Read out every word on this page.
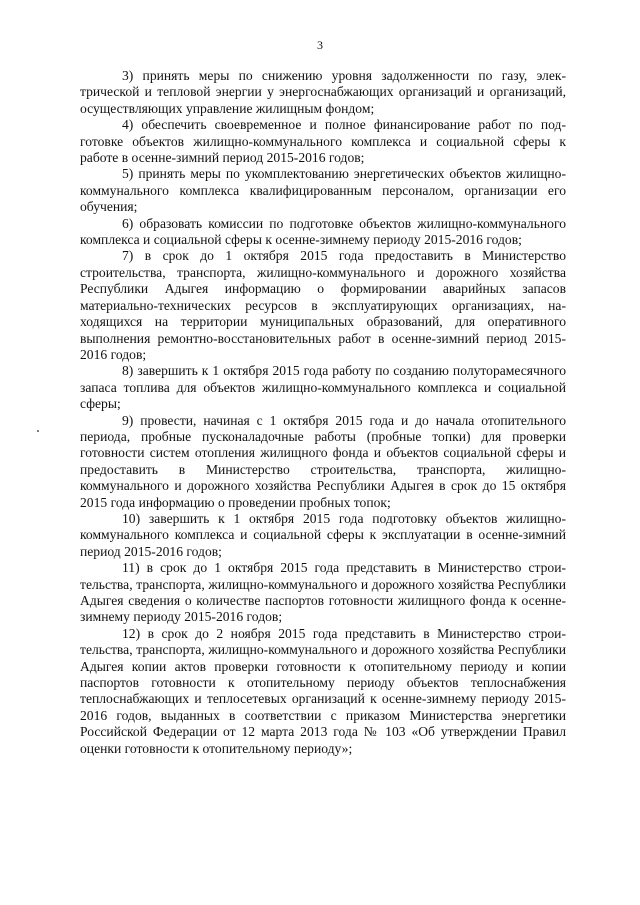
3

3) принять меры по снижению уровня задолженности по газу, электрической и тепловой энергии у энергоснабжающих организаций и организаций, осуществляющих управление жилищным фондом;

4) обеспечить своевременное и полное финансирование работ по подготовке объектов жилищно-коммунального комплекса и социальной сферы к работе в осенне-зимний период 2015-2016 годов;

5) принять меры по укомплектованию энергетических объектов жилищно-коммунального комплекса квалифицированным персоналом, организации его обучения;

6) образовать комиссии по подготовке объектов жилищно-коммунального комплекса и социальной сферы к осенне-зимнему периоду 2015-2016 годов;

7) в срок до 1 октября 2015 года предоставить в Министерство строительства, транспорта, жилищно-коммунального и дорожного хозяйства Республики Адыгея информацию о формировании аварийных запасов материально-технических ресурсов в эксплуатирующих организациях, находящихся на территории муниципальных образований, для оперативного выполнения ремонтно-восстановительных работ в осенне-зимний период 2015-2016 годов;

8) завершить к 1 октября 2015 года работу по созданию полуторамесячного запаса топлива для объектов жилищно-коммунального комплекса и социальной сферы;

9) провести, начиная с 1 октября 2015 года и до начала отопительного периода, пробные пусконаладочные работы (пробные топки) для проверки готовности систем отопления жилищного фонда и объектов социальной сферы и предоставить в Министерство строительства, транспорта, жилищно-коммунального и дорожного хозяйства Республики Адыгея в срок до 15 октября 2015 года информацию о проведении пробных топок;

10) завершить к 1 октября 2015 года подготовку объектов жилищно-коммунального комплекса и социальной сферы к эксплуатации в осенне-зимний период 2015-2016 годов;

11) в срок до 1 октября 2015 года представить в Министерство строительства, транспорта, жилищно-коммунального и дорожного хозяйства Республики Адыгея сведения о количестве паспортов готовности жилищного фонда к осенне-зимнему периоду 2015-2016 годов;

12) в срок до 2 ноября 2015 года представить в Министерство строительства, транспорта, жилищно-коммунального и дорожного хозяйства Республики Адыгея копии актов проверки готовности к отопительному периоду и копии паспортов готовности к отопительному периоду объектов теплоснабжения теплоснабжающих и теплосетевых организаций к осенне-зимнему периоду 2015-2016 годов, выданных в соответствии с приказом Министерства энергетики Российской Федерации от 12 марта 2013 года № 103 «Об утверждении Правил оценки готовности к отопительному периоду»;
